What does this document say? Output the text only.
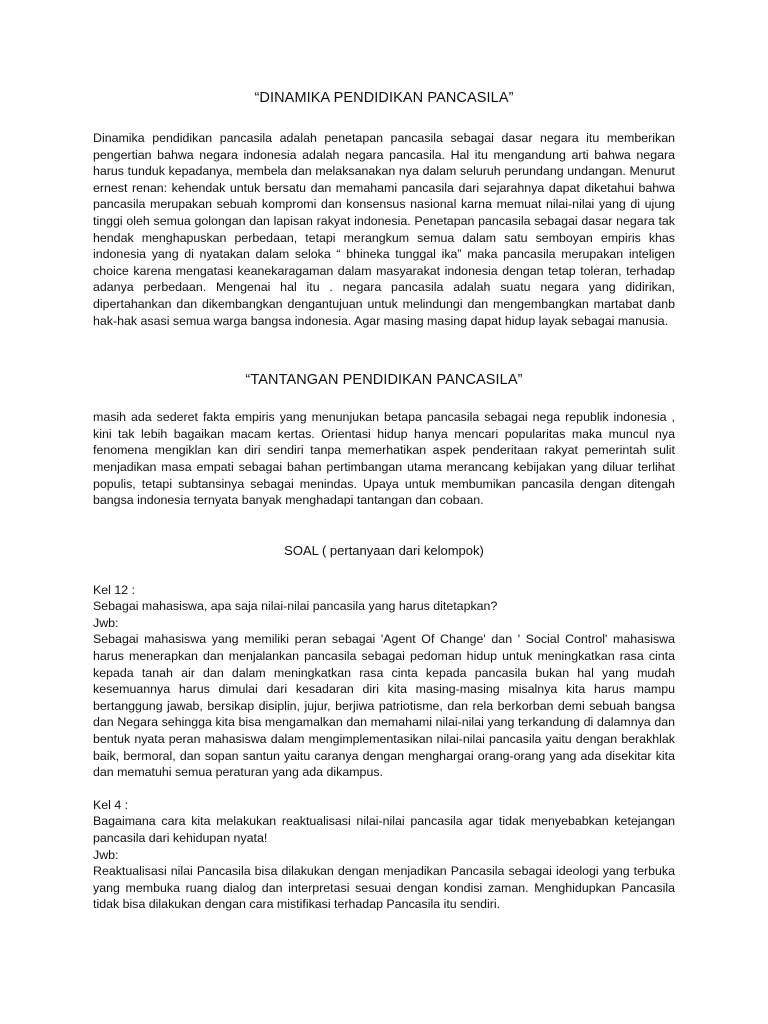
“DINAMIKA PENDIDIKAN PANCASILA”

Dinamika pendidikan pancasila adalah penetapan pancasila sebagai dasar negara itu memberikan pengertian bahwa negara indonesia adalah negara pancasila. Hal itu mengandung arti bahwa negara harus tunduk kepadanya, membela dan melaksanakan nya dalam seluruh perundang undangan. Menurut ernest renan: kehendak untuk bersatu dan memahami pancasila dari sejarahnya dapat diketahui bahwa pancasila merupakan sebuah kompromi dan konsensus nasional karna memuat nilai-nilai yang di ujung tinggi oleh semua golongan dan lapisan rakyat indonesia. Penetapan pancasila sebagai dasar negara tak hendak menghapuskan perbedaan, tetapi merangkum semua dalam satu semboyan empiris khas indonesia yang di nyatakan dalam seloka “ bhineka tunggal ika” maka pancasila merupakan inteligen choice karena mengatasi keanekaragaman dalam masyarakat indonesia dengan tetap toleran, terhadap adanya perbedaan. Mengenai hal itu . negara pancasila adalah suatu negara yang didirikan, dipertahankan dan dikembangkan dengantujuan untuk melindungi dan mengembangkan martabat danb hak-hak asasi semua warga bangsa indonesia. Agar masing masing dapat hidup layak sebagai manusia.

“TANTANGAN PENDIDIKAN PANCASILA”

masih ada sederet fakta empiris yang menunjukan betapa pancasila sebagai nega republik indonesia , kini tak lebih bagaikan macam kertas. Orientasi hidup hanya mencari popularitas maka muncul nya fenomena mengiklan kan diri sendiri tanpa memerhatikan aspek penderitaan rakyat pemerintah sulit menjadikan masa empati sebagai bahan pertimbangan utama merancang kebijakan yang diluar terlihat populis, tetapi subtansinya sebagai menindas. Upaya untuk membumikan pancasila dengan ditengah bangsa indonesia ternyata banyak menghadapi tantangan dan cobaan.

SOAL ( pertanyaan dari kelompok)
Kel 12 :
Sebagai mahasiswa, apa saja nilai-nilai pancasila yang harus ditetapkan?
Jwb:
Sebagai mahasiswa yang memiliki peran sebagai 'Agent Of Change' dan ' Social Control' mahasiswa harus menerapkan dan menjalankan pancasila sebagai pedoman hidup untuk meningkatkan rasa cinta kepada tanah air dan dalam meningkatkan rasa cinta kepada pancasila bukan hal yang mudah kesemuannya harus dimulai dari kesadaran diri kita masing-masing misalnya kita harus mampu bertanggung jawab, bersikap disiplin, jujur, berjiwa patriotisme, dan rela berkorban demi sebuah bangsa dan Negara sehingga kita bisa mengamalkan dan memahami nilai-nilai yang terkandung di dalamnya dan bentuk nyata peran mahasiswa dalam mengimplementasikan nilai-nilai pancasila yaitu dengan berakhlak baik, bermoral, dan sopan santun yaitu caranya dengan menghargai orang-orang yang ada disekitar kita dan mematuhi semua peraturan yang ada dikampus.
Kel 4 :
Bagaimana cara kita melakukan reaktualisasi nilai-nilai pancasila agar tidak menyebabkan ketejangan pancasila dari kehidupan nyata!
Jwb:
Reaktualisasi nilai Pancasila bisa dilakukan dengan menjadikan Pancasila sebagai ideologi yang terbuka yang membuka ruang dialog dan interpretasi sesuai dengan kondisi zaman. Menghidupkan Pancasila tidak bisa dilakukan dengan cara mistifikasi terhadap Pancasila itu sendiri.
